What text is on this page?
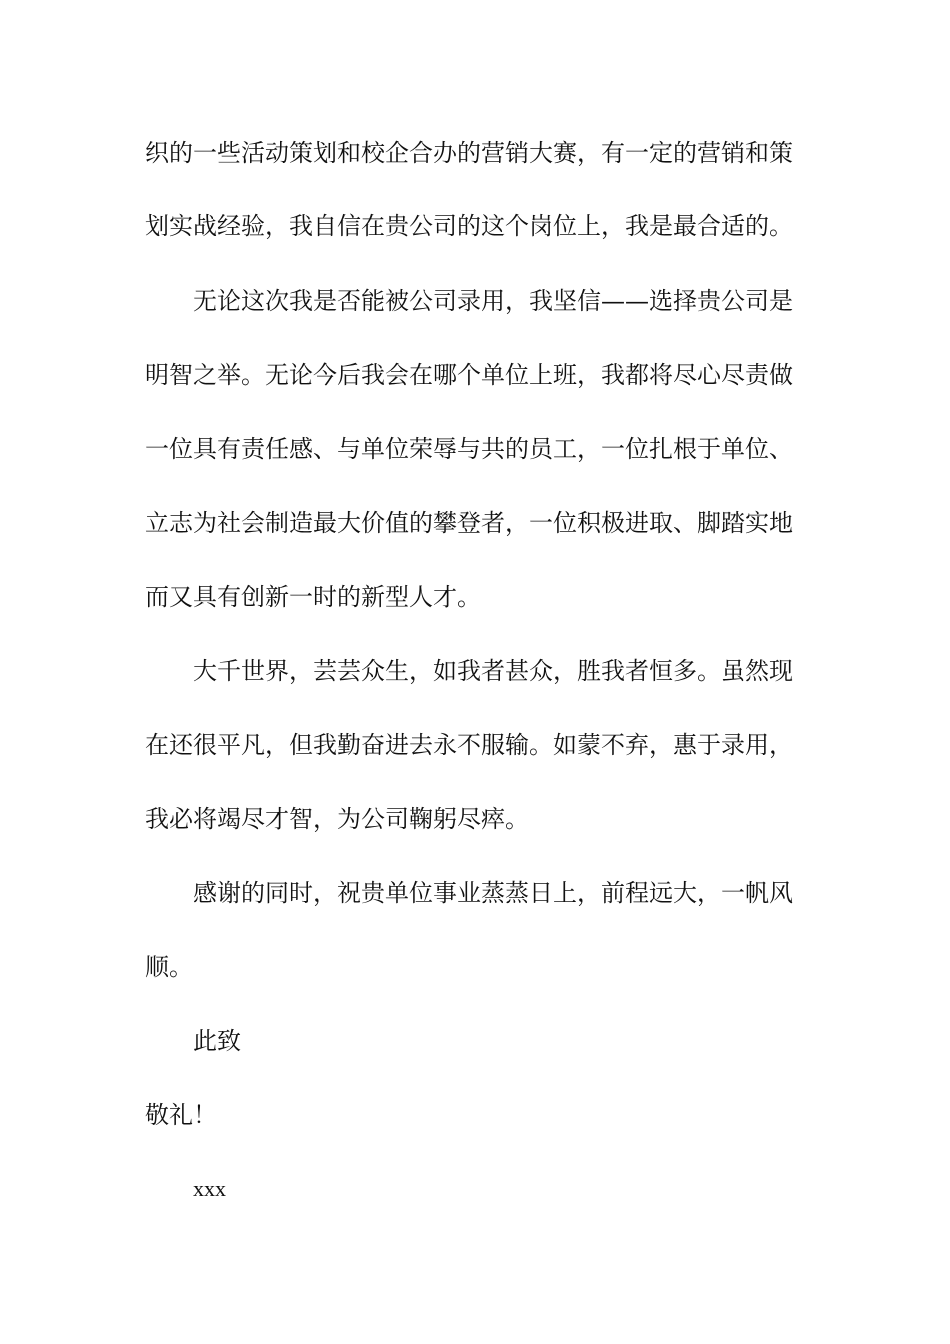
织的一些活动策划和校企合办的营销大赛，有一定的营销和策

划实战经验，我自信在贵公司的这个岗位上，我是最合适的。

无论这次我是否能被公司录用，我坚信——选择贵公司是

明智之举。无论今后我会在哪个单位上班，我都将尽心尽责做

一位具有责任感、与单位荣辱与共的员工，一位扎根于单位、

立志为社会制造最大价值的攀登者，一位积极进取、脚踏实地

而又具有创新一时的新型人才。

大千世界，芸芸众生，如我者甚众，胜我者恒多。虽然现

在还很平凡，但我勤奋进去永不服输。如蒙不弃，惠于录用，

我必将竭尽才智，为公司鞠躬尽瘁。

感谢的同时，祝贵单位事业蒸蒸日上，前程远大，一帆风

顺。

此致

敬礼！

xxx
